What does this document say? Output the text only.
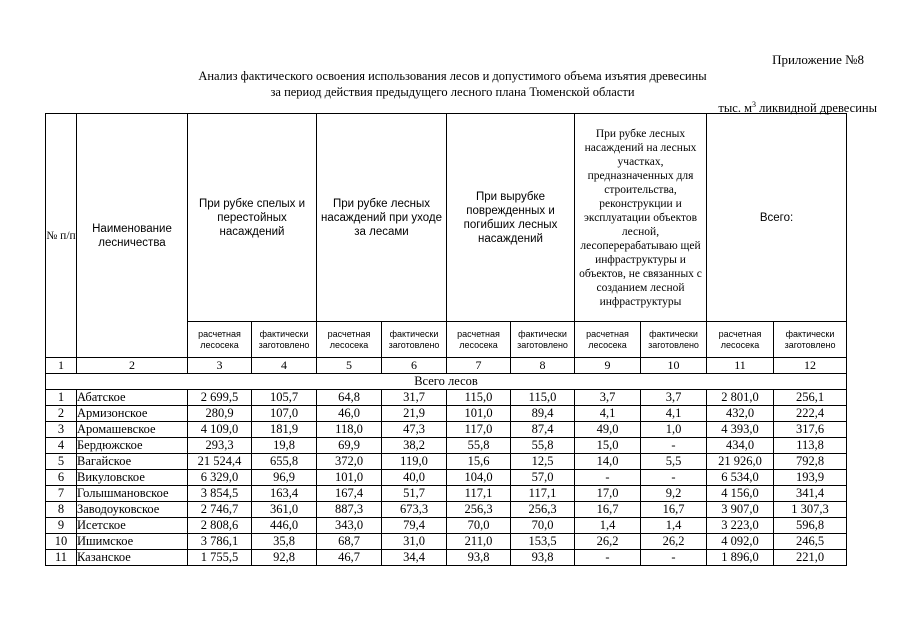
Приложение №8
Анализ фактического освоения использования лесов и допустимого объема изъятия древесины
за период действия предыдущего лесного плана Тюменской области
тыс. $м^3$ ликвидной древесины
№ п/п	Наименование лесничества	При рубке спелых и перестойных насаждений		При рубке лесных насаждений при уходе за лесами		При вырубке поврежденных и погибших лесных насаждений		При рубке лесных насаждений на лесных участках, предназначенных для строительства, реконструкции и эксплуатации объектов лесной, лесоперерабатываю щей инфраструктуры и объектов, не связанных с созданием лесной инфраструктуры		Всего:	
		расчетная лесосека	фактически заготовлено	расчетная лесосека	фактически заготовлено	расчетная лесосека	фактически заготовлено	расчетная лесосека	фактически заготовлено	расчетная лесосека	фактически заготовлено
1	2	3	4	5	6	7	8	9	10	11	12
Всего лесов											
1	Абатское	2 699,5	105,7	64,8	31,7	115,0	115,0	3,7	3,7	2 801,0	256,1
2	Армизонское	280,9	107,0	46,0	21,9	101,0	89,4	4,1	4,1	432,0	222,4
3	Аромашевское	4 109,0	181,9	118,0	47,3	117,0	87,4	49,0	1,0	4 393,0	317,6
4	Бердюжское	293,3	19,8	69,9	38,2	55,8	55,8	15,0	-	434,0	113,8
5	Вагайское	21 524,4	655,8	372,0	119,0	15,6	12,5	14,0	5,5	21 926,0	792,8
6	Викуловское	6 329,0	96,9	101,0	40,0	104,0	57,0	-	-	6 534,0	193,9
7	Голышмановское	3 854,5	163,4	167,4	51,7	117,1	117,1	17,0	9,2	4 156,0	341,4
8	Заводоуковское	2 746,7	361,0	887,3	673,3	256,3	256,3	16,7	16,7	3 907,0	1 307,3
9	Исетское	2 808,6	446,0	343,0	79,4	70,0	70,0	1,4	1,4	3 223,0	596,8
10	Ишимское	3 786,1	35,8	68,7	31,0	211,0	153,5	26,2	26,2	4 092,0	246,5
11	Казанское	1 755,5	92,8	46,7	34,4	93,8	93,8	-	-	1 896,0	221,0
